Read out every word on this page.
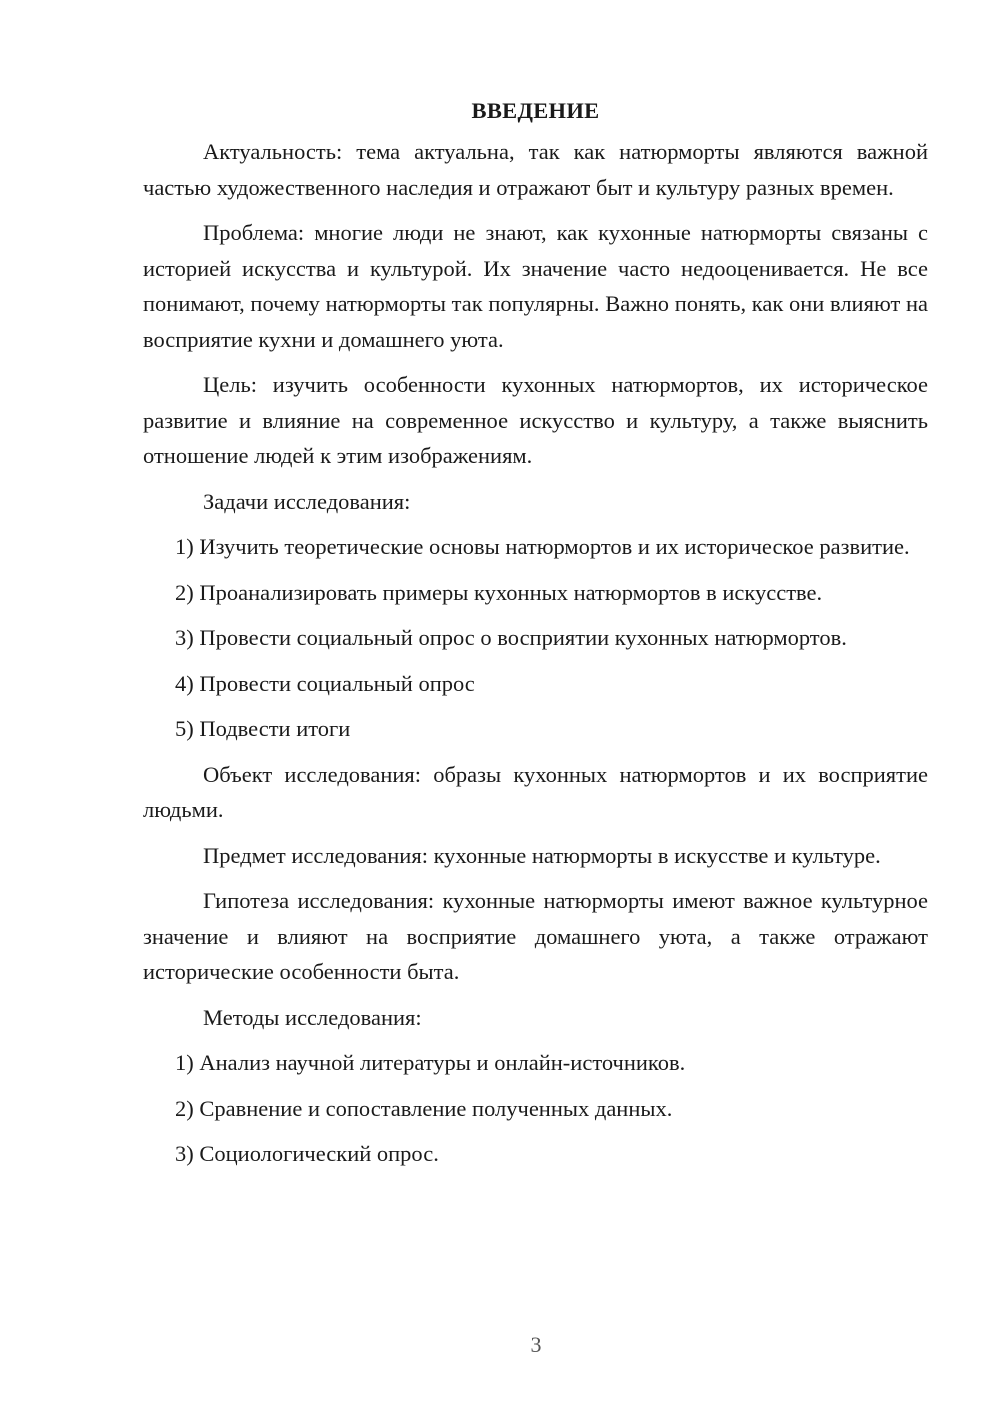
ВВЕДЕНИЕ

Актуальность: тема актуальна, так как натюрморты являются важной частью художественного наследия и отражают быт и культуру разных времен.

Проблема: многие люди не знают, как кухонные натюрморты связаны с историей искусства и культурой. Их значение часто недооценивается. Не все понимают, почему натюрморты так популярны. Важно понять, как они влияют на восприятие кухни и домашнего уюта.

Цель: изучить особенности кухонных натюрмортов, их историческое развитие и влияние на современное искусство и культуру, а также выяснить отношение людей к этим изображениям.

Задачи исследования:

1) Изучить теоретические основы натюрмортов и их историческое развитие.

2) Проанализировать примеры кухонных натюрмортов в искусстве.

3) Провести социальный опрос о восприятии кухонных натюрмортов.

4) Провести социальный опрос

5) Подвести итоги

Объект исследования: образы кухонных натюрмортов и их восприятие людьми.

Предмет исследования: кухонные натюрморты в искусстве и культуре.

Гипотеза исследования: кухонные натюрморты имеют важное культурное значение и влияют на восприятие домашнего уюта, а также отражают исторические особенности быта.

Методы исследования:

1) Анализ научной литературы и онлайн-источников.

2) Сравнение и сопоставление полученных данных.

3) Социологический опрос.

3
